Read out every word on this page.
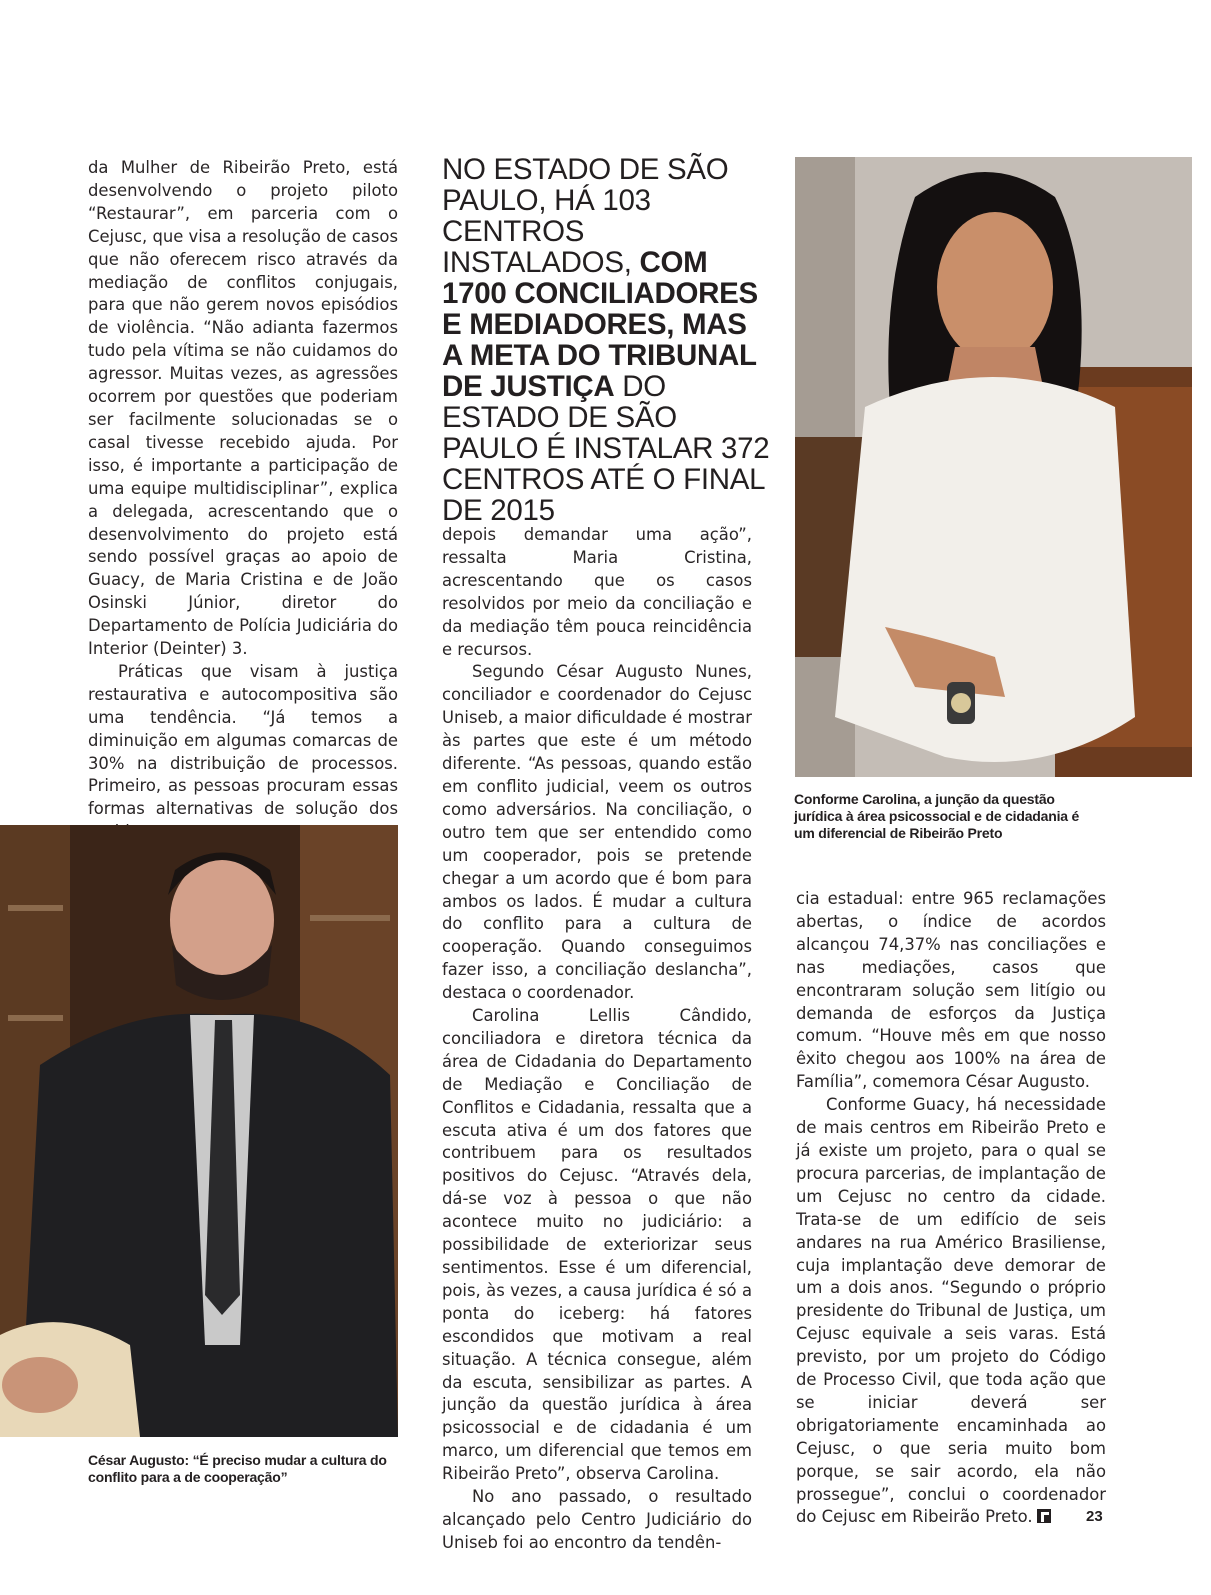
da Mulher de Ribeirão Preto, está desenvolvendo o projeto piloto “Restaurar”, em parceria com o Cejusc, que visa a resolução de casos que não oferecem risco através da mediação de conflitos conjugais, para que não gerem novos episódios de violência. “Não adianta fazermos tudo pela vítima se não cuidamos do agressor. Muitas vezes, as agressões ocorrem por questões que poderiam ser facilmente solucionadas se o casal tivesse recebido ajuda. Por isso, é importante a participação de uma equipe multidisciplinar”, explica a delegada, acrescentando que o desenvolvimento do projeto está sendo possível graças ao apoio de Guacy, de Maria Cristina e de João Osinski Júnior, diretor do Departamento de Polícia Judiciária do Interior (Deinter) 3.

Práticas que visam à justiça restaurativa e autocompositiva são uma tendência. “Já temos a diminuição em algumas comarcas de 30% na distribuição de processos. Primeiro, as pessoas procuram essas formas alternativas de solução dos

NO ESTADO DE SÃO PAULO, HÁ 103 CENTROS INSTALADOS, COM 1700 CONCILIADORES E MEDIADORES, MAS A META DO TRIBUNAL DE JUSTIÇA DO ESTADO DE SÃO PAULO É INSTALAR 372 CENTROS ATÉ O FINAL DE 2015
Conforme Carolina, a junção da questão jurídica à área psicossocial e de cidadania é um diferencial de Ribeirão Preto

depois demandar uma ação”, ressalta Maria Cristina, acrescentando que os casos resolvidos por meio da conciliação e da mediação têm pouca reincidência e recursos.

Segundo César Augusto Nunes, conciliador e coordenador do Cejusc Uniseb, a maior dificuldade é mostrar às partes que este é um método diferente. “As pessoas, quando estão em conflito judicial, veem os outros como adversários. Na conciliação, o outro tem que ser entendido como um cooperador, pois se pretende chegar a um acordo que é bom para ambos os lados. É mudar a cultura do conflito para a cultura de cooperação. Quando conseguimos fazer isso, a conciliação deslancha”, destaca o coordenador.

Carolina Lellis Cândido, conciliadora e diretora técnica da área de Cidadania do Departamento de Mediação e Conciliação de Conflitos e Cidadania, ressalta que a escuta ativa é um dos fatores que contribuem para os resultados positivos do Cejusc. “Através dela, dá-se voz à pessoa o que não acontece muito no judiciário: a possibilidade de exteriorizar seus sentimentos. Esse é um diferencial, pois, às vezes, a causa jurídica é só a ponta do iceberg: há fatores escondidos que motivam a real situação. A técnica consegue, além da escuta, sensibilizar as partes. A junção da questão jurídica à área psicossocial e de cidadania é um marco, um diferencial que temos em Ribeirão Preto”, observa Carolina.

No ano passado, o resultado alcançado pelo Centro Judiciário do Uniseb foi ao encontro da tendên-

César Augusto: “É preciso mudar a cultura do conflito para a de cooperação”

cia estadual: entre 965 reclamações abertas, o índice de acordos alcançou 74,37% nas conciliações e nas mediações, casos que encontraram solução sem litígio ou demanda de esforços da Justiça comum. “Houve mês em que nosso êxito chegou aos 100% na área de Família”, comemora César Augusto.

Conforme Guacy, há necessidade de mais centros em Ribeirão Preto e já existe um projeto, para o qual se procura parcerias, de implantação de um Cejusc no centro da cidade. Trata-se de um edifício de seis andares na rua Américo Brasiliense, cuja implantação deve demorar de um a dois anos. “Segundo o próprio presidente do Tribunal de Justiça, um Cejusc equivale a seis varas. Está previsto, por um projeto do Código de Processo Civil, que toda ação que se iniciar deverá ser obrigatoriamente encaminhada ao Cejusc, o que seria muito bom porque, se sair acordo, ela não prossegue”, conclui o coordenador do Cejusc em Ribeirão Preto.	23
